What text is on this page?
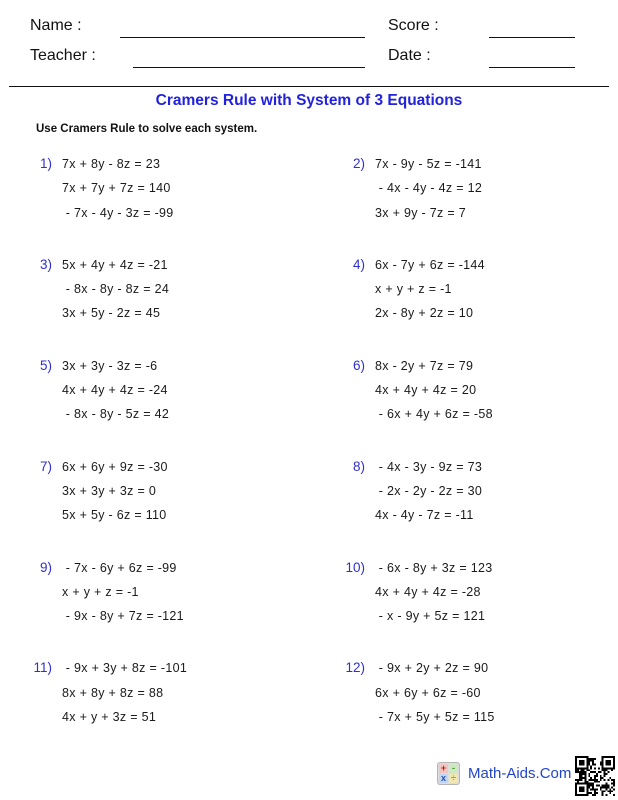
Name :	Score :
Teacher :	Date :
Cramers Rule with System of 3 Equations
Use Cramers Rule to solve each system.
1) 7x + 8y - 8z = 23
7x + 7y + 7z = 140
- 7x - 4y - 3z = -99
2) 7x - 9y - 5z = -141
- 4x - 4y - 4z = 12
3x + 9y - 7z = 7
3) 5x + 4y + 4z = -21
- 8x - 8y - 8z = 24
3x + 5y - 2z = 45
4) 6x - 7y + 6z = -144
x + y + z = -1
2x - 8y + 2z = 10
5) 3x + 3y - 3z = -6
4x + 4y + 4z = -24
- 8x - 8y - 5z = 42
6) 8x - 2y + 7z = 79
4x + 4y + 4z = 20
- 6x + 4y + 6z = -58
7) 6x + 6y + 9z = -30
3x + 3y + 3z = 0
5x + 5y - 6z = 110
8) - 4x - 3y - 9z = 73
- 2x - 2y - 2z = 30
4x - 4y - 7z = -11
9) - 7x - 6y + 6z = -99
x + y + z = -1
- 9x - 8y + 7z = -121
10) - 6x - 8y + 3z = 123
4x + 4y + 4z = -28
- x - 9y + 5z = 121
11) - 9x + 3y + 8z = -101
8x + 8y + 8z = 88
4x + y + 3z = 51
12) - 9x + 2y + 2z = 90
6x + 6y + 6z = -60
- 7x + 5y + 5z = 115
+ -
x ÷ Math-Aids.Com
